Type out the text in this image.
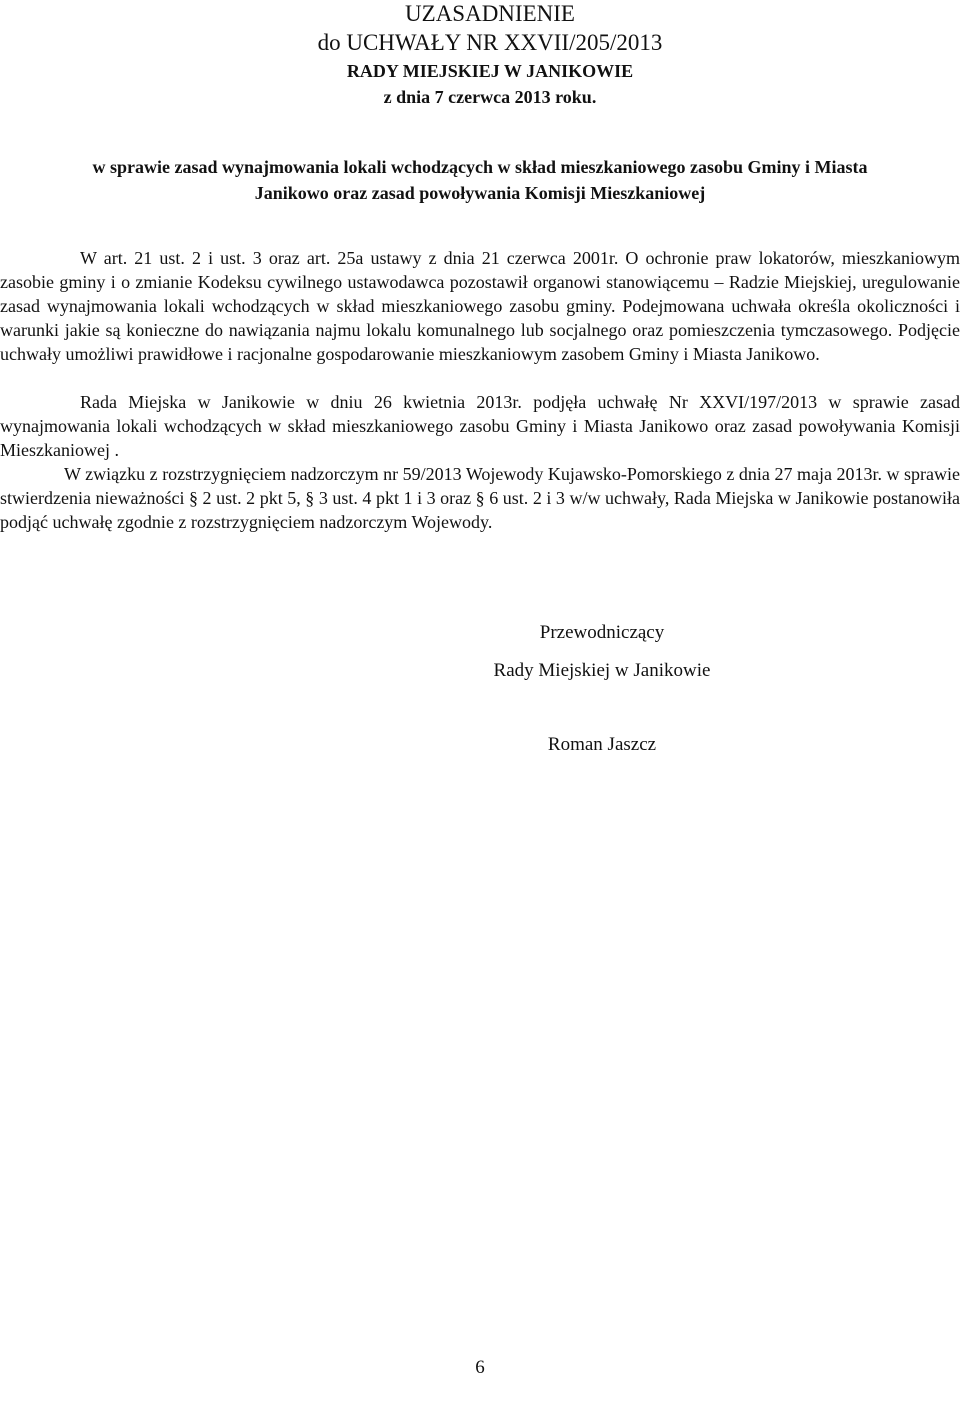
UZASADNIENIE
do UCHWAŁY NR XXVII/205/2013
RADY MIEJSKIEJ W JANIKOWIE
z dnia 7 czerwca 2013 roku.
w sprawie zasad wynajmowania lokali wchodzących w skład mieszkaniowego zasobu Gminy i Miasta
Janikowo oraz zasad powoływania Komisji Mieszkaniowej

W art. 21 ust. 2 i ust. 3 oraz art. 25a ustawy z dnia 21 czerwca 2001r. O ochronie praw lokatorów, mieszkaniowym zasobie gminy i o zmianie Kodeksu cywilnego ustawodawca pozostawił organowi stanowiącemu – Radzie Miejskiej, uregulowanie zasad wynajmowania lokali wchodzących w skład mieszkaniowego zasobu gminy. Podejmowana uchwała określa okoliczności i warunki jakie są konieczne do nawiązania najmu lokalu komunalnego lub socjalnego oraz pomieszczenia tymczasowego. Podjęcie uchwały umożliwi prawidłowe i racjonalne gospodarowanie mieszkaniowym zasobem Gminy i Miasta Janikowo.

Rada Miejska w Janikowie w dniu 26 kwietnia 2013r. podjęła uchwałę Nr XXVI/197/2013 w sprawie zasad wynajmowania lokali wchodzących w skład mieszkaniowego zasobu Gminy i Miasta Janikowo oraz zasad powoływania Komisji Mieszkaniowej .

W związku z rozstrzygnięciem nadzorczym nr 59/2013 Wojewody Kujawsko-Pomorskiego z dnia 27 maja 2013r. w sprawie stwierdzenia nieważności § 2 ust. 2 pkt 5, § 3 ust. 4 pkt 1 i 3 oraz § 6 ust. 2 i 3 w/w uchwały, Rada Miejska w Janikowie postanowiła podjąć uchwałę zgodnie z rozstrzygnięciem nadzorczym Wojewody.

Przewodniczący
Rady Miejskiej w Janikowie
Roman Jaszcz
6
